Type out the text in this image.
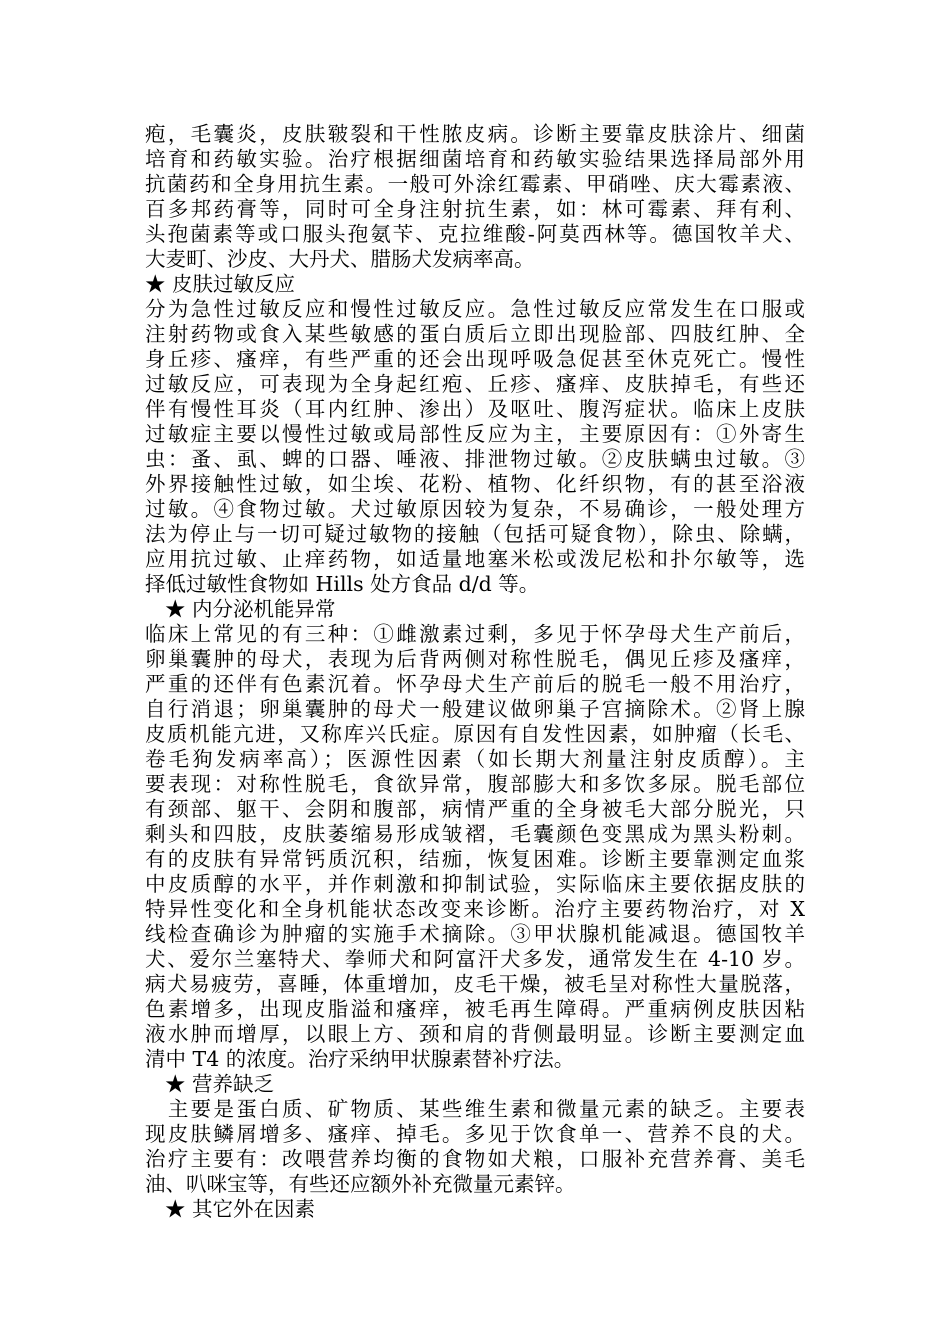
疱，毛囊炎，皮肤皲裂和干性脓皮病。诊断主要靠皮肤涂片、细菌
培育和药敏实验。治疗根据细菌培育和药敏实验结果选择局部外用
抗菌药和全身用抗生素。一般可外涂红霉素、甲硝唑、庆大霉素液、
百多邦药膏等，同时可全身注射抗生素，如：林可霉素、拜有利、
头孢菌素等或口服头孢氨苄、克拉维酸-阿莫西林等。德国牧羊犬、
大麦町、沙皮、大丹犬、腊肠犬发病率高。
★ 皮肤过敏反应
分为急性过敏反应和慢性过敏反应。急性过敏反应常发生在口服或
注射药物或食入某些敏感的蛋白质后立即出现脸部、四肢红肿、全
身丘疹、瘙痒，有些严重的还会出现呼吸急促甚至休克死亡。慢性
过敏反应，可表现为全身起红疱、丘疹、瘙痒、皮肤掉毛，有些还
伴有慢性耳炎（耳内红肿、渗出）及呕吐、腹泻症状。临床上皮肤
过敏症主要以慢性过敏或局部性反应为主，主要原因有：①外寄生
虫：蚤、虱、蜱的口器、唾液、排泄物过敏。②皮肤螨虫过敏。③
外界接触性过敏，如尘埃、花粉、植物、化纤织物，有的甚至浴液
过敏。④食物过敏。犬过敏原因较为复杂，不易确诊，一般处理方
法为停止与一切可疑过敏物的接触（包括可疑食物），除虫、除螨，
应用抗过敏、止痒药物，如适量地塞米松或泼尼松和扑尔敏等，选
择低过敏性食物如 Hills 处方食品 d/d 等。
★ 内分泌机能异常
临床上常见的有三种：①雌激素过剩，多见于怀孕母犬生产前后，
卵巢囊肿的母犬，表现为后背两侧对称性脱毛，偶见丘疹及瘙痒，
严重的还伴有色素沉着。怀孕母犬生产前后的脱毛一般不用治疗，
自行消退；卵巢囊肿的母犬一般建议做卵巢子宫摘除术。②肾上腺
皮质机能亢进，又称库兴氏症。原因有自发性因素，如肿瘤（长毛、
卷毛狗发病率高）；医源性因素（如长期大剂量注射皮质醇）。主
要表现：对称性脱毛，食欲异常，腹部膨大和多饮多尿。脱毛部位
有颈部、躯干、会阴和腹部，病情严重的全身被毛大部分脱光，只
剩头和四肢，皮肤萎缩易形成皱褶，毛囊颜色变黑成为黑头粉刺。
有的皮肤有异常钙质沉积，结痂，恢复困难。诊断主要靠测定血浆
中皮质醇的水平，并作刺激和抑制试验，实际临床主要依据皮肤的
特异性变化和全身机能状态改变来诊断。治疗主要药物治疗，对 X
线检查确诊为肿瘤的实施手术摘除。③甲状腺机能减退。德国牧羊
犬、爱尔兰塞特犬、拳师犬和阿富汗犬多发，通常发生在 4-10 岁。
病犬易疲劳，喜睡，体重增加，皮毛干燥，被毛呈对称性大量脱落，
色素增多，出现皮脂溢和瘙痒，被毛再生障碍。严重病例皮肤因粘
液水肿而增厚，以眼上方、颈和肩的背侧最明显。诊断主要测定血
清中 T4 的浓度。治疗采纳甲状腺素替补疗法。
★ 营养缺乏
　主要是蛋白质、矿物质、某些维生素和微量元素的缺乏。主要表
现皮肤鳞屑增多、瘙痒、掉毛。多见于饮食单一、营养不良的犬。
治疗主要有：改喂营养均衡的食物如犬粮，口服补充营养膏、美毛
油、叭咪宝等，有些还应额外补充微量元素锌。
★ 其它外在因素
